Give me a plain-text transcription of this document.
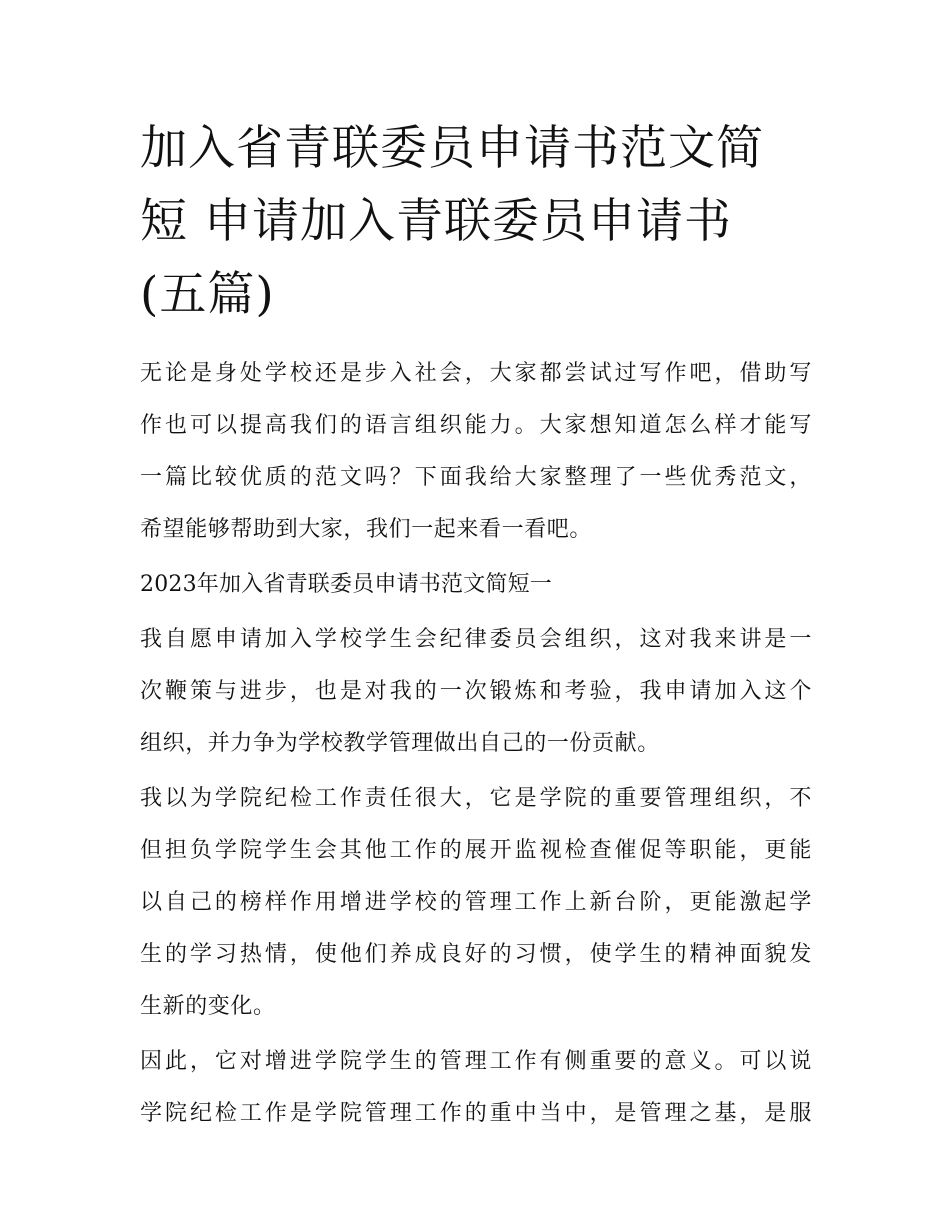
加入省青联委员申请书范文简
短 申请加入青联委员申请书
(五篇)

无论是身处学校还是步入社会，大家都尝试过写作吧，借助写
作也可以提高我们的语言组织能力。大家想知道怎么样才能写
一篇比较优质的范文吗？下面我给大家整理了一些优秀范文，
希望能够帮助到大家，我们一起来看一看吧。

2023年加入省青联委员申请书范文简短一

我自愿申请加入学校学生会纪律委员会组织，这对我来讲是一
次鞭策与进步，也是对我的一次锻炼和考验，我申请加入这个
组织，并力争为学校教学管理做出自己的一份贡献。

我以为学院纪检工作责任很大，它是学院的重要管理组织，不
但担负学院学生会其他工作的展开监视检查催促等职能，更能
以自己的榜样作用增进学校的管理工作上新台阶，更能激起学
生的学习热情，使他们养成良好的习惯，使学生的精神面貌发
生新的变化。

因此，它对增进学院学生的管理工作有侧重要的意义。可以说
学院纪检工作是学院管理工作的重中当中，是管理之基，是服
